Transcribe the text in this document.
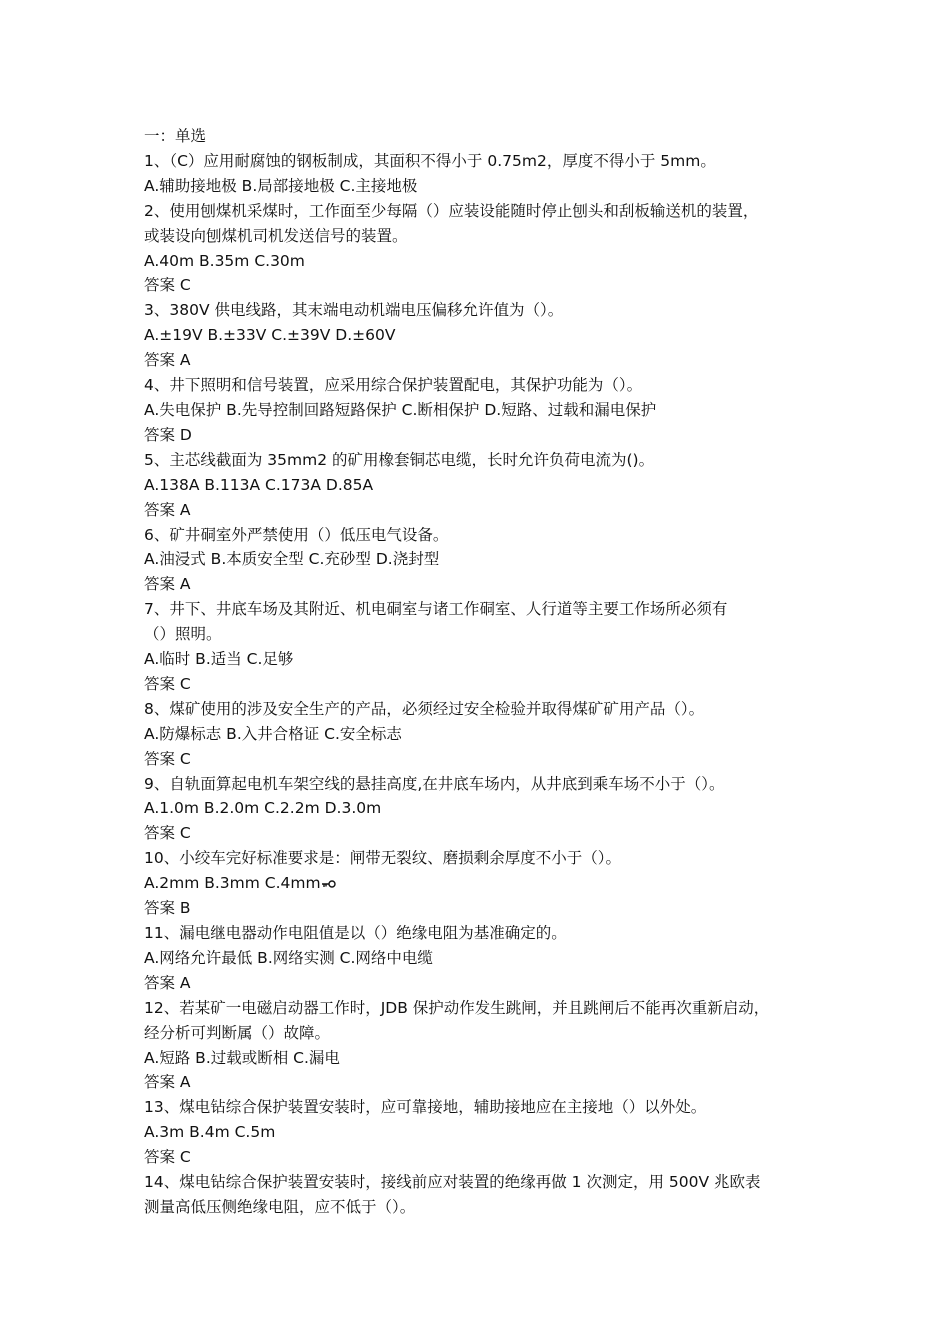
一：单选

1、（C）应用耐腐蚀的钢板制成，其面积不得小于 0.75m2，厚度不得小于 5mm。

A.辅助接地极 B.局部接地极 C.主接地极

2、使用刨煤机采煤时，工作面至少每隔（）应装设能随时停止刨头和刮板输送机的装置，

或装设向刨煤机司机发送信号的装置。

A.40m B.35m C.30m

答案 C

3、380V 供电线路，其末端电动机端电压偏移允许值为（）。

A.±19V B.±33V C.±39V D.±60V

答案 A

4、井下照明和信号装置，应采用综合保护装置配电，其保护功能为（）。

A.失电保护 B.先导控制回路短路保护 C.断相保护 D.短路、过载和漏电保护

答案 D

5、主芯线截面为 35mm2 的矿用橡套铜芯电缆，长时允许负荷电流为()。

A.138A B.113A C.173A D.85A

答案 A

6、矿井硐室外严禁使用（）低压电气设备。

A.油浸式 B.本质安全型 C.充砂型 D.浇封型

答案 A

7、井下、井底车场及其附近、机电硐室与诸工作硐室、人行道等主要工作场所必须有

（）照明。

A.临时 B.适当 C.足够

答案 C

8、煤矿使用的涉及安全生产的产品，必须经过安全检验并取得煤矿矿用产品（）。

A.防爆标志 B.入井合格证 C.安全标志

答案 C

9、自轨面算起电机车架空线的悬挂高度,在井底车场内，从井底到乘车场不小于（）。

A.1.0m B.2.0m C.2.2m D.3.0m

答案 C

10、小绞车完好标准要求是：闸带无裂纹、磨损剩余厚度不小于（）。

A.2mm B.3mm C.4mm

答案 B

11、漏电继电器动作电阻值是以（）绝缘电阻为基准确定的。

A.网络允许最低 B.网络实测 C.网络中电缆

答案 A

12、若某矿一电磁启动器工作时，JDB 保护动作发生跳闸，并且跳闸后不能再次重新启动，

经分析可判断属（）故障。

A.短路 B.过载或断相 C.漏电

答案 A

13、煤电钻综合保护装置安装时，应可靠接地，辅助接地应在主接地（）以外处。

A.3m B.4m C.5m

答案 C

14、煤电钻综合保护装置安装时，接线前应对装置的绝缘再做 1 次测定，用 500V 兆欧表

测量高低压侧绝缘电阻，应不低于（）。
